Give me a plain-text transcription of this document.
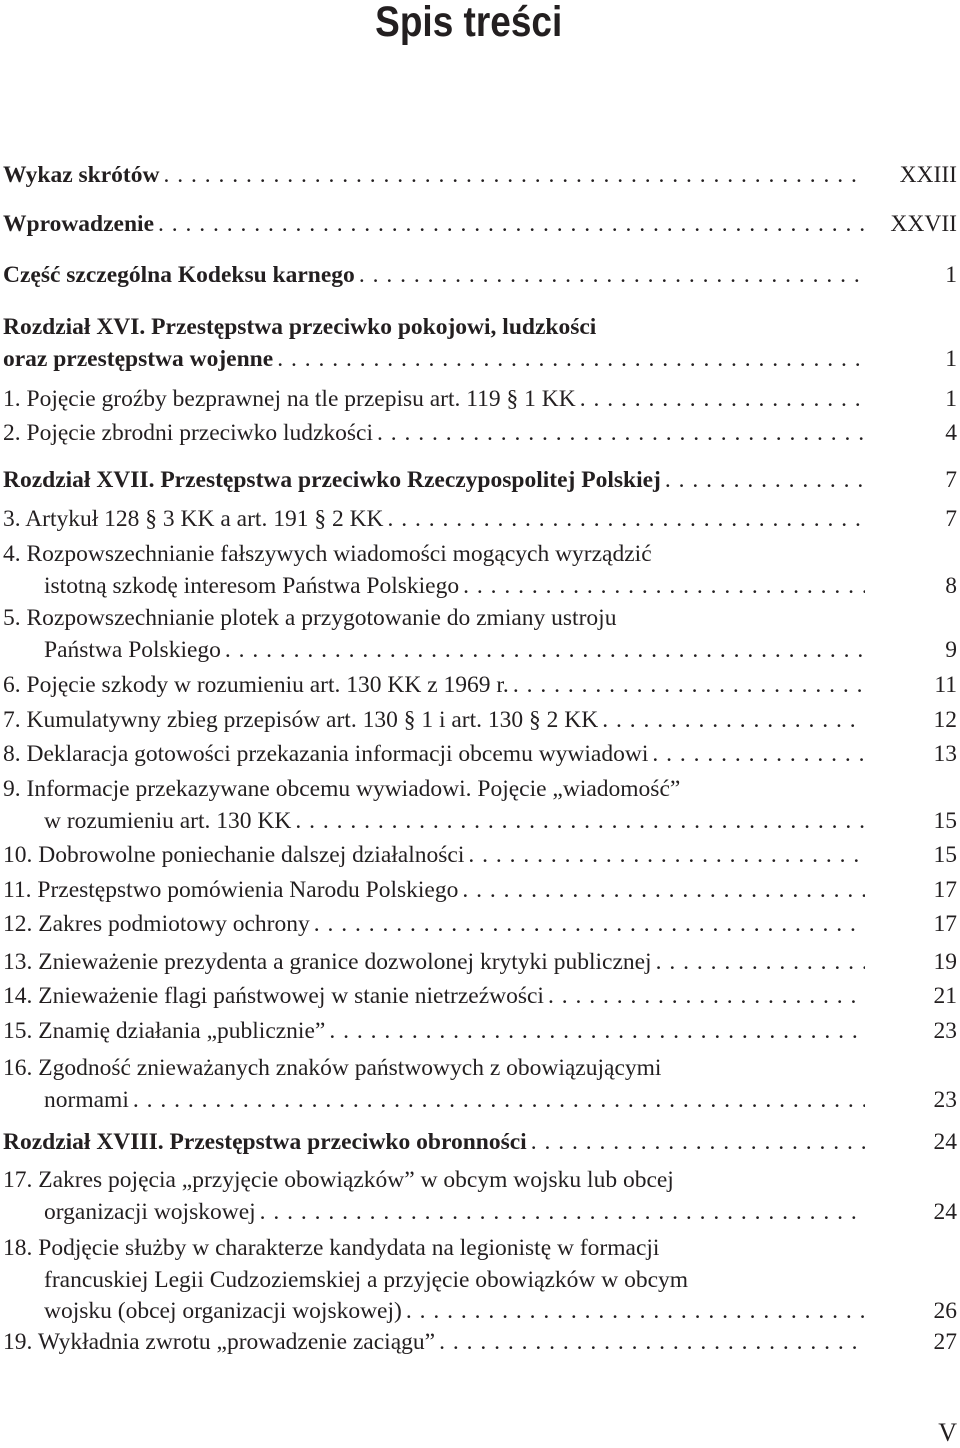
Spis treści
Wykaz skrótów . . .	XXIII
Wprowadzenie . . .	XXVII
Część szczególna Kodeksu karnego . . .	1
Rozdział XVI. Przestępstwa przeciwko pokojowi, ludzkości
oraz przestępstwa wojenne . . .	1
1. Pojęcie groźby bezprawnej na tle przepisu art. 119 § 1 KK . . .	1
2. Pojęcie zbrodni przeciwko ludzkości . . .	4
Rozdział XVII. Przestępstwa przeciwko Rzeczypospolitej Polskiej . . .	7
3. Artykuł 128 § 3 KK a art. 191 § 2 KK . . .	7
4. Rozpowszechnianie fałszywych wiadomości mogących wyrządzić
istotną szkodę interesom Państwa Polskiego . . .	8
5. Rozpowszechnianie plotek a przygotowanie do zmiany ustroju
Państwa Polskiego . . .	9
6. Pojęcie szkody w rozumieniu art. 130 KK z 1969 r. . . .	11
7. Kumulatywny zbieg przepisów art. 130 § 1 i art. 130 § 2 KK . . .	12
8. Deklaracja gotowości przekazania informacji obcemu wywiadowi . . .	13
9. Informacje przekazywane obcemu wywiadowi. Pojęcie „wiadomość”
w rozumieniu art. 130 KK . . .	15
10. Dobrowolne poniechanie dalszej działalności . . .	15
11. Przestępstwo pomówienia Narodu Polskiego . . .	17
12. Zakres podmiotowy ochrony . . .	17
13. Znieważenie prezydenta a granice dozwolonej krytyki publicznej . . .	19
14. Znieważenie flagi państwowej w stanie nietrzeźwości . . .	21
15. Znamię działania „publicznie” . . .	23
16. Zgodność znieważanych znaków państwowych z obowiązującymi
normami . . .	23
Rozdział XVIII. Przestępstwa przeciwko obronności . . .	24
17. Zakres pojęcia „przyjęcie obowiązków” w obcym wojsku lub obcej
organizacji wojskowej . . .	24
18. Podjęcie służby w charakterze kandydata na legionistę w formacji
francuskiej Legii Cudzoziemskiej a przyjęcie obowiązków w obcym
wojsku (obcej organizacji wojskowej) . . .	26
19. Wykładnia zwrotu „prowadzenie zaciągu” . . .	27
V
